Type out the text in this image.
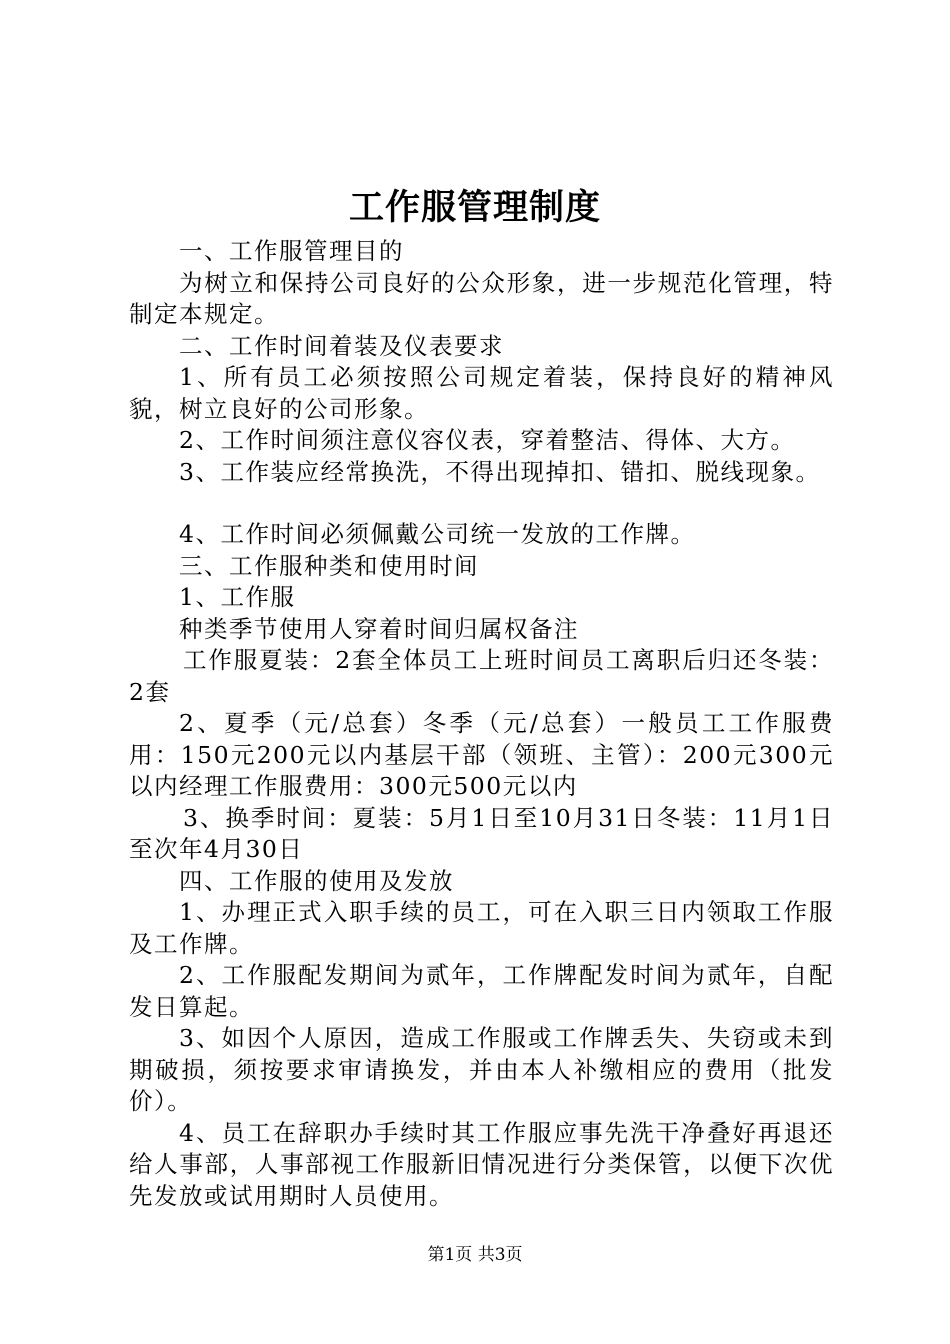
工作服管理制度

一、工作服管理目的

为树立和保持公司良好的公众形象，进一步规范化管理，特制定本规定。

二、工作时间着装及仪表要求

1、所有员工必须按照公司规定着装，保持良好的精神风貌，树立良好的公司形象。

2、工作时间须注意仪容仪表，穿着整洁、得体、大方。

3、工作装应经常换洗，不得出现掉扣、错扣、脱线现象。

4、工作时间必须佩戴公司统一发放的工作牌。

三、工作服种类和使用时间

1、工作服

种类季节使用人穿着时间归属权备注

工作服夏装：2套全体员工上班时间员工离职后归还冬装：2套

2、夏季（元/总套）冬季（元/总套）一般员工工作服费用：150元200元以内基层干部（领班、主管）：200元300元以内经理工作服费用：300元500元以内

3、换季时间：夏装：5月1日至10月31日冬装：11月1日至次年4月30日

四、工作服的使用及发放

1、办理正式入职手续的员工，可在入职三日内领取工作服及工作牌。

2、工作服配发期间为贰年，工作牌配发时间为贰年，自配发日算起。

3、如因个人原因，造成工作服或工作牌丢失、失窃或未到期破损，须按要求审请换发，并由本人补缴相应的费用（批发价）。

4、员工在辞职办手续时其工作服应事先洗干净叠好再退还给人事部，人事部视工作服新旧情况进行分类保管，以便下次优先发放或试用期时人员使用。

第1页 共3页
